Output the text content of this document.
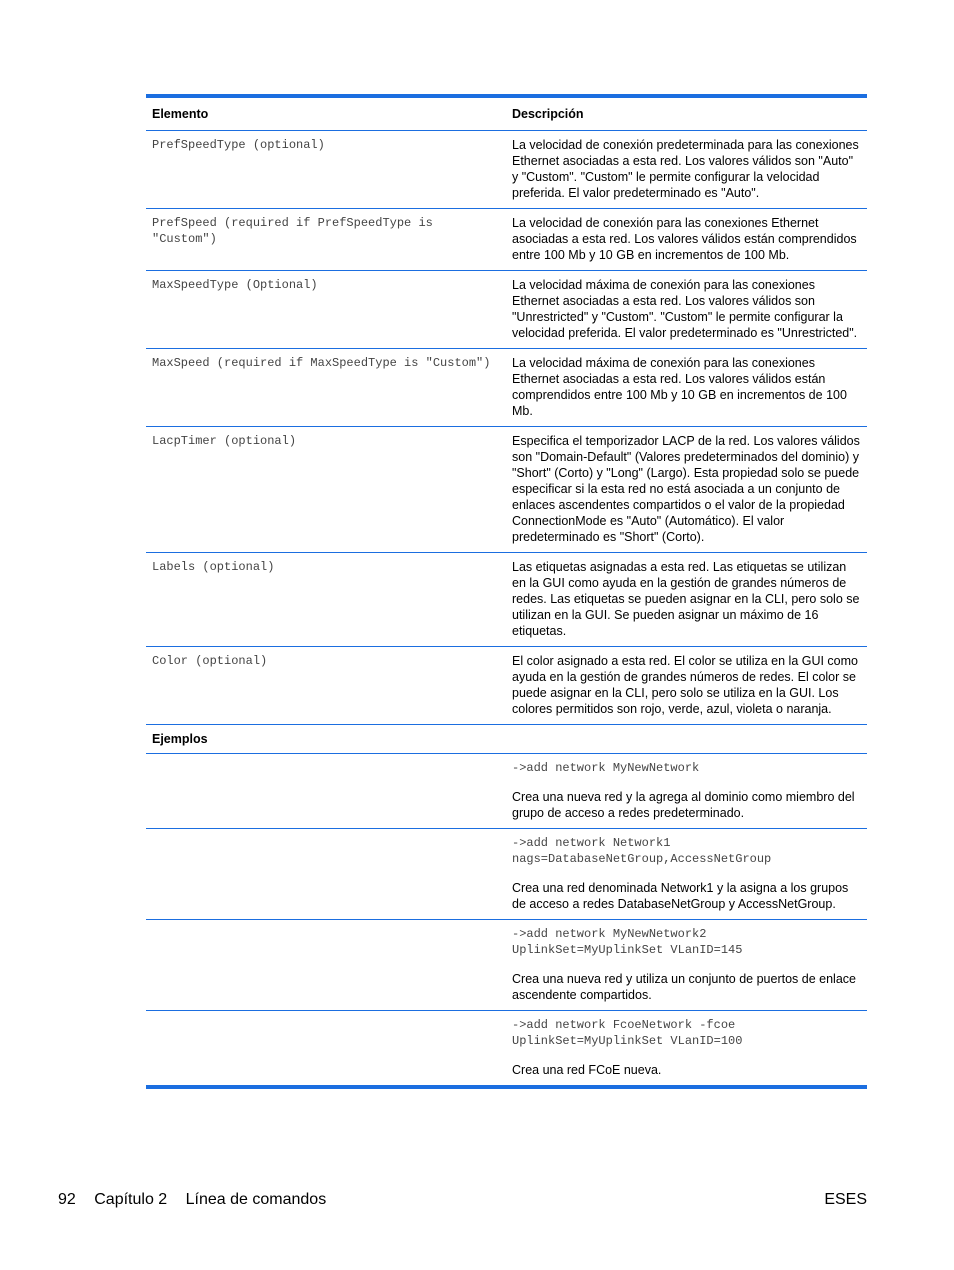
Elemento	Descripción
PrefSpeedType (optional)	La velocidad de conexión predeterminada para las conexiones Ethernet asociadas a esta red. Los valores válidos son "Auto" y "Custom". "Custom" le permite configurar la velocidad preferida. El valor predeterminado es "Auto".
PrefSpeed (required if PrefSpeedType is "Custom")	La velocidad de conexión para las conexiones Ethernet asociadas a esta red. Los valores válidos están comprendidos entre 100 Mb y 10 GB en incrementos de 100 Mb.
MaxSpeedType (Optional)	La velocidad máxima de conexión para las conexiones Ethernet asociadas a esta red. Los valores válidos son "Unrestricted" y "Custom". "Custom" le permite configurar la velocidad preferida. El valor predeterminado es "Unrestricted".
MaxSpeed (required if MaxSpeedType is "Custom")	La velocidad máxima de conexión para las conexiones Ethernet asociadas a esta red. Los valores válidos están comprendidos entre 100 Mb y 10 GB en incrementos de 100 Mb.
LacpTimer (optional)	Especifica el temporizador LACP de la red. Los valores válidos son "Domain-Default" (Valores predeterminados del dominio) y "Short" (Corto) y "Long" (Largo). Esta propiedad solo se puede especificar si la esta red no está asociada a un conjunto de enlaces ascendentes compartidos o el valor de la propiedad ConnectionMode es "Auto" (Automático). El valor predeterminado es "Short" (Corto).
Labels (optional)	Las etiquetas asignadas a esta red. Las etiquetas se utilizan en la GUI como ayuda en la gestión de grandes números de redes. Las etiquetas se pueden asignar en la CLI, pero solo se utilizan en la GUI. Se pueden asignar un máximo de 16 etiquetas.
Color (optional)	El color asignado a esta red. El color se utiliza en la GUI como ayuda en la gestión de grandes números de redes. El color se puede asignar en la CLI, pero solo se utiliza en la GUI. Los colores permitidos son rojo, verde, azul, violeta o naranja.
Ejemplos	

	->add network MyNewNetwork
Crea una nueva red y la agrega al dominio como miembro del grupo de acceso a redes predeterminado.

	->add network Network1 nags=DatabaseNetGroup,AccessNetGroup
Crea una red denominada Network1 y la asigna a los grupos de acceso a redes DatabaseNetGroup y AccessNetGroup.

	->add network MyNewNetwork2 UplinkSet=MyUplinkSet VLanID=145
Crea una nueva red y utiliza un conjunto de puertos de enlace ascendente compartidos.

	->add network FcoeNetwork -fcoe UplinkSet=MyUplinkSet VLanID=100
Crea una red FCoE nueva.
92 Capítulo 2 Línea de comandos	ESES
